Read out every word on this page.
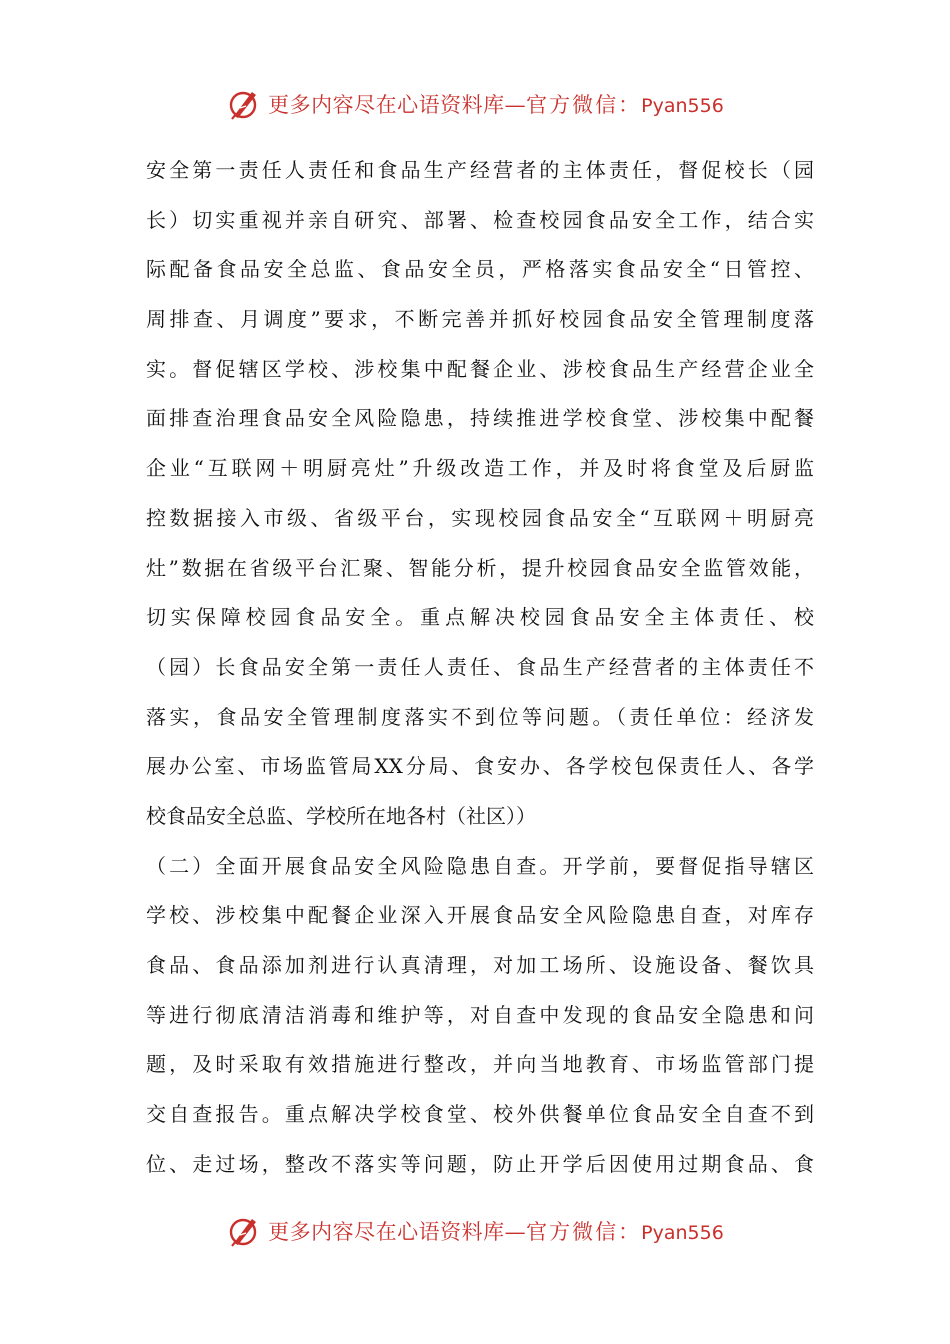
更多内容尽在心语资料库—官方微信：Pyan556
安全第一责任人责任和食品生产经营者的主体责任，督促校长（园
长）切实重视并亲自研究、部署、检查校园食品安全工作，结合实
际配备食品安全总监、食品安全员，严格落实食品安全“日管控、
周排查、月调度”要求，不断完善并抓好校园食品安全管理制度落
实。督促辖区学校、涉校集中配餐企业、涉校食品生产经营企业全
面排查治理食品安全风险隐患，持续推进学校食堂、涉校集中配餐
企业“互联网＋明厨亮灶”升级改造工作，并及时将食堂及后厨监
控数据接入市级、省级平台，实现校园食品安全“互联网＋明厨亮
灶”数据在省级平台汇聚、智能分析，提升校园食品安全监管效能，
切实保障校园食品安全。重点解决校园食品安全主体责任、校
（园）长食品安全第一责任人责任、食品生产经营者的主体责任不
落实，食品安全管理制度落实不到位等问题。（责任单位：经济发
展办公室、市场监管局XX分局、食安办、各学校包保责任人、各学
校食品安全总监、学校所在地各村（社区））
（二）全面开展食品安全风险隐患自查。开学前，要督促指导辖区
学校、涉校集中配餐企业深入开展食品安全风险隐患自查，对库存
食品、食品添加剂进行认真清理，对加工场所、设施设备、餐饮具
等进行彻底清洁消毒和维护等，对自查中发现的食品安全隐患和问
题，及时采取有效措施进行整改，并向当地教育、市场监管部门提
交自查报告。重点解决学校食堂、校外供餐单位食品安全自查不到
位、走过场，整改不落实等问题，防止开学后因使用过期食品、食
更多内容尽在心语资料库—官方微信：Pyan556
